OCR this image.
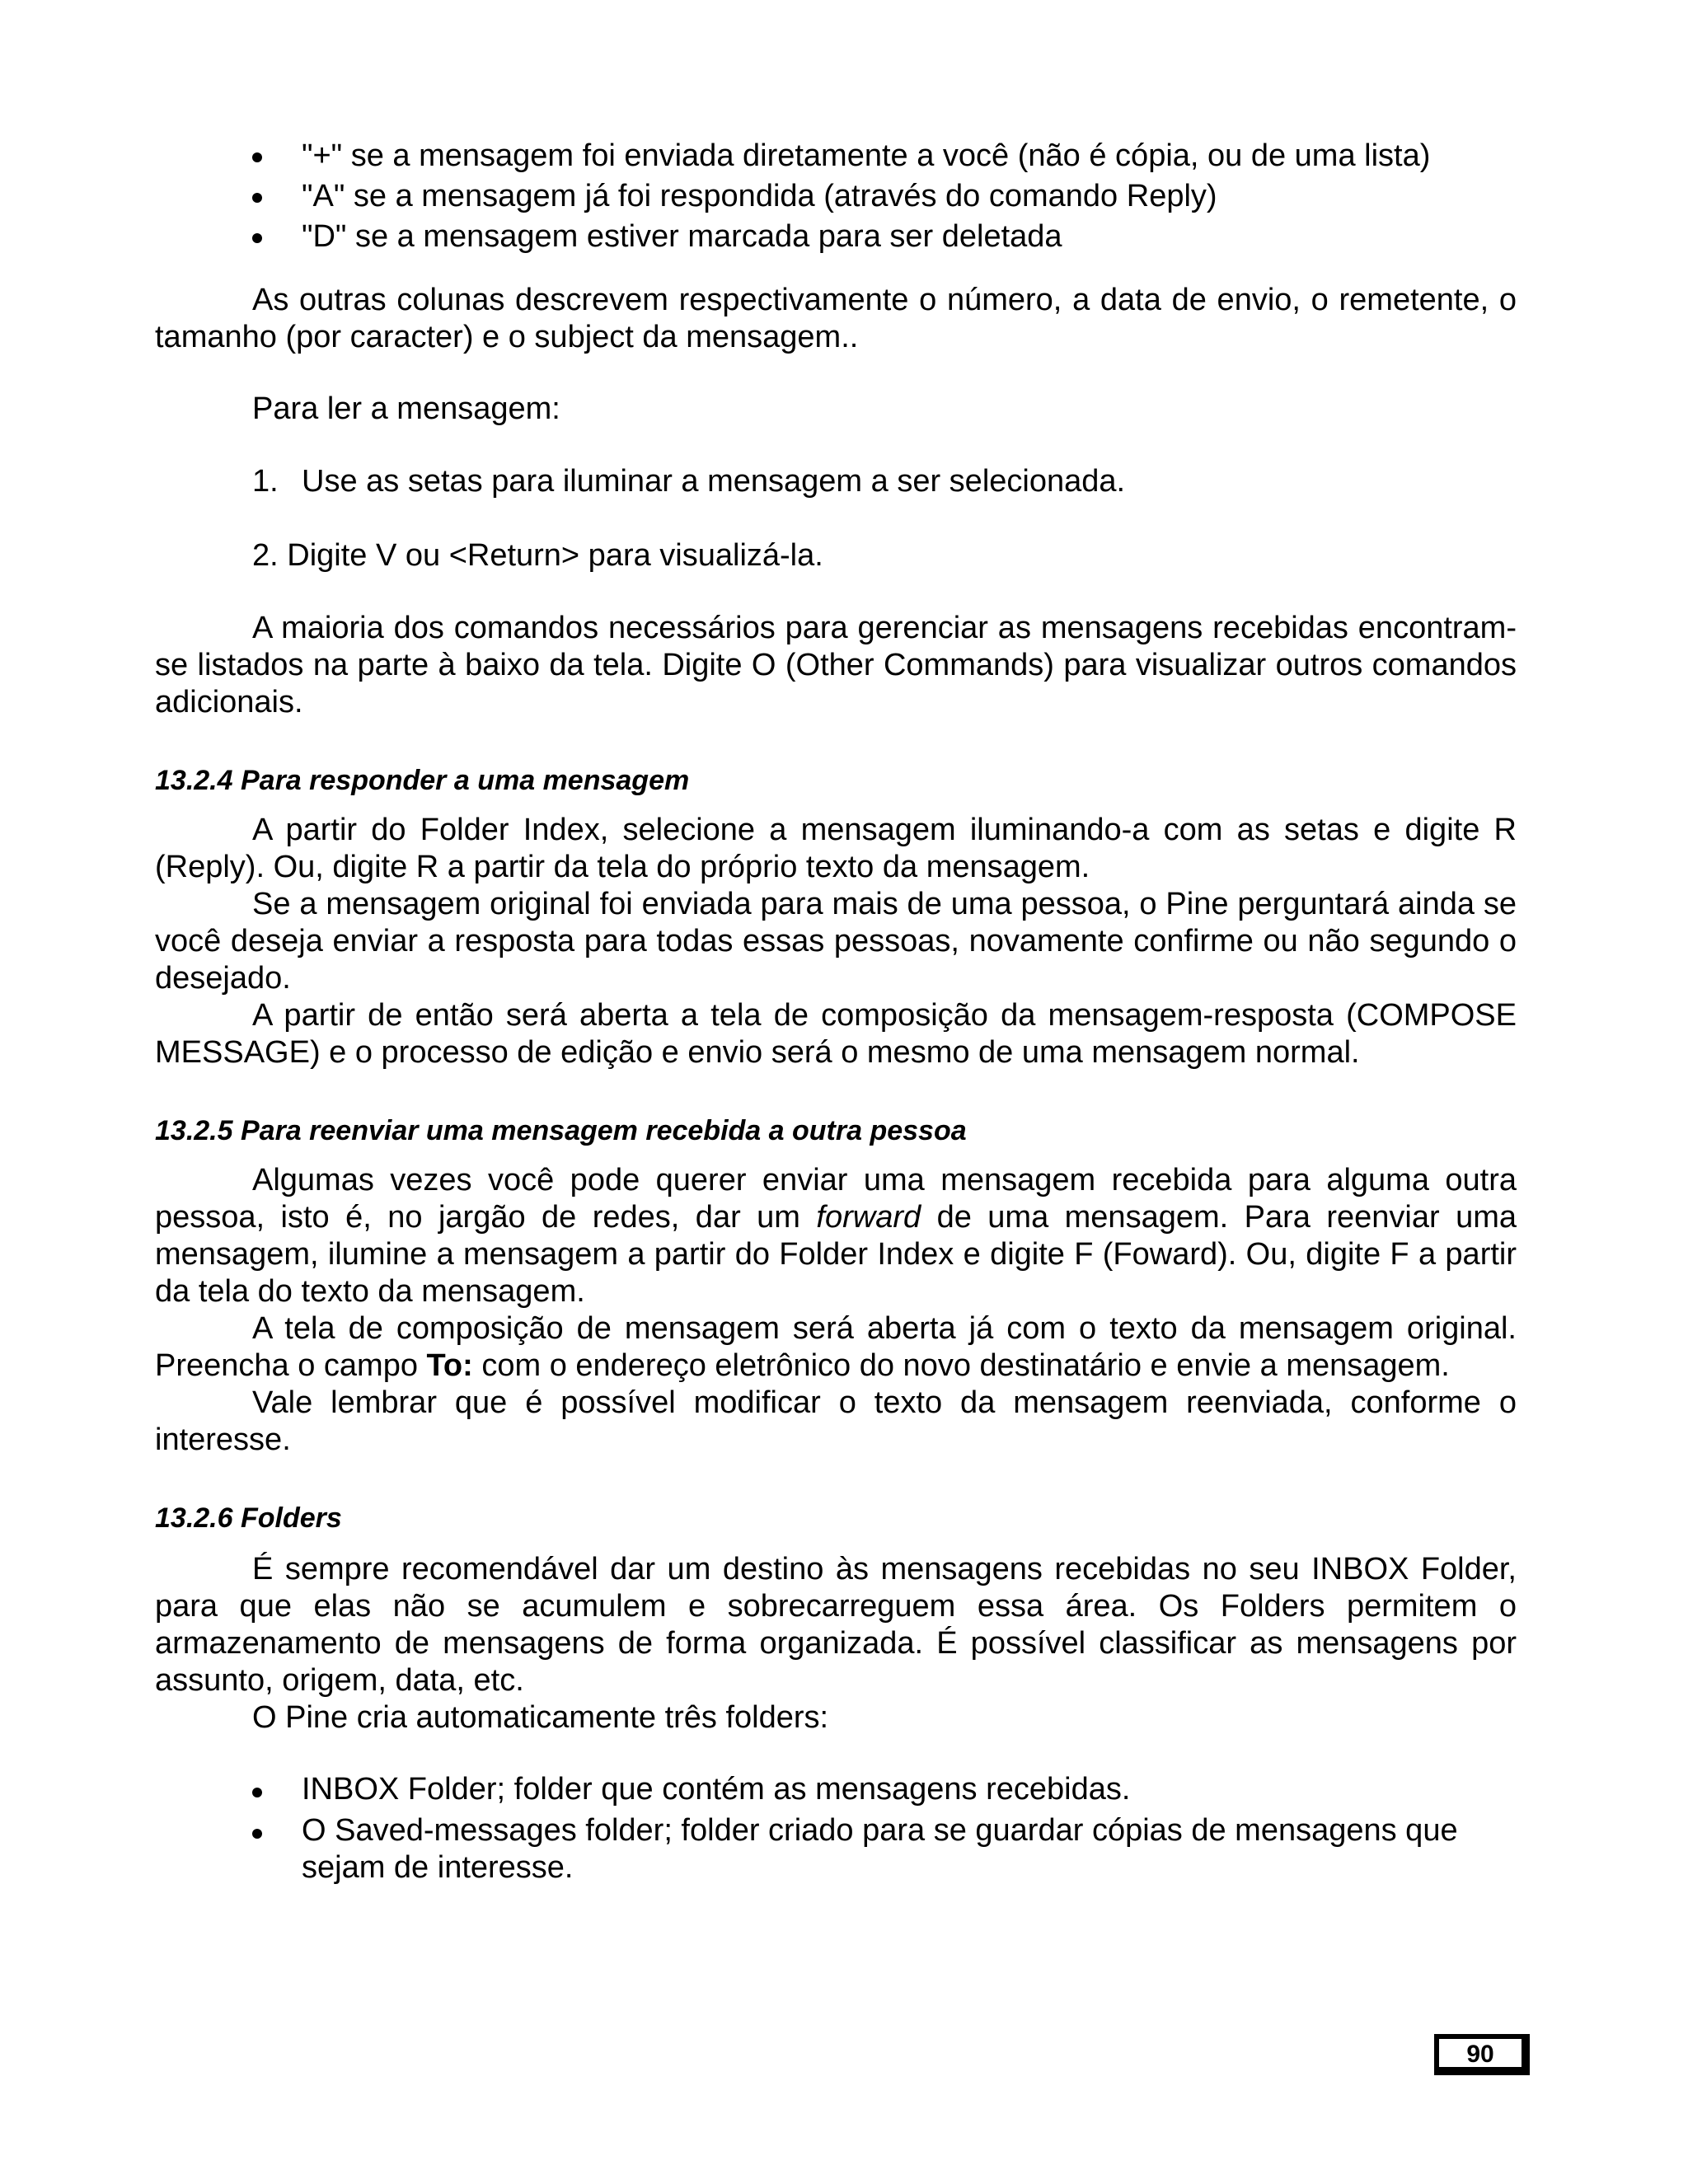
"+" se a mensagem foi enviada diretamente a você (não é cópia, ou de uma lista)
"A" se a mensagem já foi respondida (através do comando Reply)
"D" se a mensagem estiver marcada para ser deletada

As outras colunas descrevem respectivamente o número, a data de envio, o remetente, o tamanho (por caracter) e o subject da mensagem..

Para ler a mensagem:

1. Use as setas para iluminar a mensagem a ser selecionada.

2. Digite V ou <Return> para visualizá-la.

A maioria dos comandos necessários para gerenciar as mensagens recebidas encontram-se listados na parte à baixo da tela. Digite O (Other Commands) para visualizar outros comandos adicionais.

13.2.4 Para responder a uma mensagem

A partir do Folder Index, selecione a mensagem iluminando-a com as setas e digite R (Reply). Ou, digite R a partir da tela do próprio texto da mensagem.

Se a mensagem original foi enviada para mais de uma pessoa, o Pine perguntará ainda se você deseja enviar a resposta para todas essas pessoas, novamente confirme ou não segundo o desejado.

A partir de então será aberta a tela de composição da mensagem-resposta (COMPOSE MESSAGE) e o processo de edição e envio será o mesmo de uma mensagem normal.

13.2.5 Para reenviar uma mensagem recebida a outra pessoa

Algumas vezes você pode querer enviar uma mensagem recebida para alguma outra pessoa, isto é, no jargão de redes, dar um forward de uma mensagem. Para reenviar uma mensagem, ilumine a mensagem a partir do Folder Index e digite F (Foward). Ou, digite F a partir da tela do texto da mensagem.

A tela de composição de mensagem será aberta já com o texto da mensagem original. Preencha o campo To: com o endereço eletrônico do novo destinatário e envie a mensagem.

Vale lembrar que é possível modificar o texto da mensagem reenviada, conforme o interesse.

13.2.6 Folders

É sempre recomendável dar um destino às mensagens recebidas no seu INBOX Folder, para que elas não se acumulem e sobrecarreguem essa área. Os Folders permitem o armazenamento de mensagens de forma organizada. É possível classificar as mensagens por assunto, origem, data, etc.

O Pine cria automaticamente três folders:

INBOX Folder; folder que contém as mensagens recebidas.
O Saved-messages folder; folder criado para se guardar cópias de mensagens que sejam de interesse.
90
